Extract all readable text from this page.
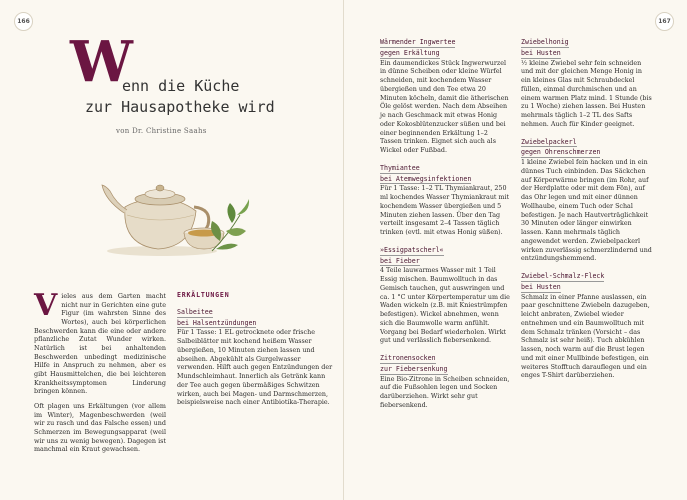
166	167
W
enn die Küche
zur Hausapotheke wird
von Dr. Christine Saahs
V ieles aus dem Garten macht nicht nur in Gerichten eine gute Figur (im wahrsten Sinne des Wortes), auch bei körperlichen Beschwerden kann die eine oder andere pflanzliche Zutat Wunder wirken. Natürlich ist bei anhaltenden Beschwerden unbedingt medizinische Hilfe in Anspruch zu nehmen, aber es gibt Hausmittelchen, die bei leichteren Krankheitssymptomen Linderung bringen können.

Oft plagen uns Erkältungen (vor allem im Winter), Magenbeschwerden (weil wir zu rasch und das Falsche essen) und Schmerzen im Bewegungsapparat (weil wir uns zu wenig bewegen). Dagegen ist manchmal ein Kraut gewachsen.

ERKÄLTUNGEN
Salbeitee
bei Halsentzündungen

Für 1 Tasse: 1 EL getrocknete oder frische Salbeiblätter mit kochend heißem Wasser übergießen, 10 Minuten ziehen lassen und abseihen. Abgekühlt als Gurgelwasser verwenden. Hilft auch gegen Entzündungen der Mundschleimhaut. Innerlich als Getränk kann der Tee auch gegen übermäßiges Schwitzen wirken, auch bei Magen- und Darmschmerzen, beispielsweise nach einer Antibiotika-Therapie.

Wärmender Ingwertee
gegen Erkältung

Ein daumendickes Stück Ingwerwurzel in dünne Scheiben oder kleine Würfel schneiden, mit kochendem Wasser übergießen und den Tee etwa 20 Minuten köcheln, damit die ätherischen Öle gelöst werden. Nach dem Abseihen je nach Geschmack mit etwas Honig oder Kokosblütenzucker süßen und bei einer beginnenden Erkältung 1–2 Tassen trinken. Eignet sich auch als Wickel oder Fußbad.

Thymiantee
bei Atemwegsinfektionen

Für 1 Tasse: 1–2 TL Thymiankraut, 250 ml kochendes Wasser Thymiankraut mit kochendem Wasser übergießen und 5 Minuten ziehen lassen. Über den Tag verteilt insgesamt 2–4 Tassen täglich trinken (evtl. mit etwas Honig süßen).

»Essigpatscherl«
bei Fieber

4 Teile lauwarmes Wasser mit 1 Teil Essig mischen. Baumwolltuch in das Gemisch tauchen, gut auswringen und ca. 1 °C unter Körpertemperatur um die Waden wickeln (z.B. mit Kniestrümpfen befestigen). Wickel abnehmen, wenn sich die Baumwolle warm anfühlt. Vorgang bei Bedarf wiederholen. Wirkt gut und verlässlich fiebersenkend.

Zitronensocken
zur Fiebersenkung

Eine Bio-Zitrone in Scheiben schneiden, auf die Fußsohlen legen und Socken darüberziehen. Wirkt sehr gut fiebersenkend.

Zwiebelhonig
bei Husten

½ kleine Zwiebel sehr fein schneiden und mit der gleichen Menge Honig in ein kleines Glas mit Schraubdeckel füllen, einmal durchmischen und an einem warmen Platz mind. 1 Stunde (bis zu 1 Woche) ziehen lassen. Bei Husten mehrmals täglich 1–2 TL des Safts nehmen. Auch für Kinder geeignet.

Zwiebelpackerl
gegen Ohrenschmerzen

1 kleine Zwiebel fein hacken und in ein dünnes Tuch einbinden. Das Säckchen auf Körperwärme bringen (im Rohr, auf der Herdplatte oder mit dem Fön), auf das Ohr legen und mit einer dünnen Wollhaube, einem Tuch oder Schal befestigen. Je nach Hautverträglichkeit 30 Minuten oder länger einwirken lassen. Kann mehrmals täglich angewendet werden. Zwiebelpackerl wirken zuverlässig schmerzlindernd und entzündungshemmend.

Zwiebel-Schmalz-Fleck
bei Husten

Schmalz in einer Pfanne auslassen, ein paar geschnittene Zwiebeln dazugeben, leicht anbraten, Zwiebel wieder entnehmen und ein Baumwolltuch mit dem Schmalz tränken (Vorsicht – das Schmalz ist sehr heiß). Tuch abkühlen lassen, noch warm auf die Brust legen und mit einer Mullbinde befestigen, ein weiteres Stofftuch darauflegen und ein enges T-Shirt darüberziehen.
